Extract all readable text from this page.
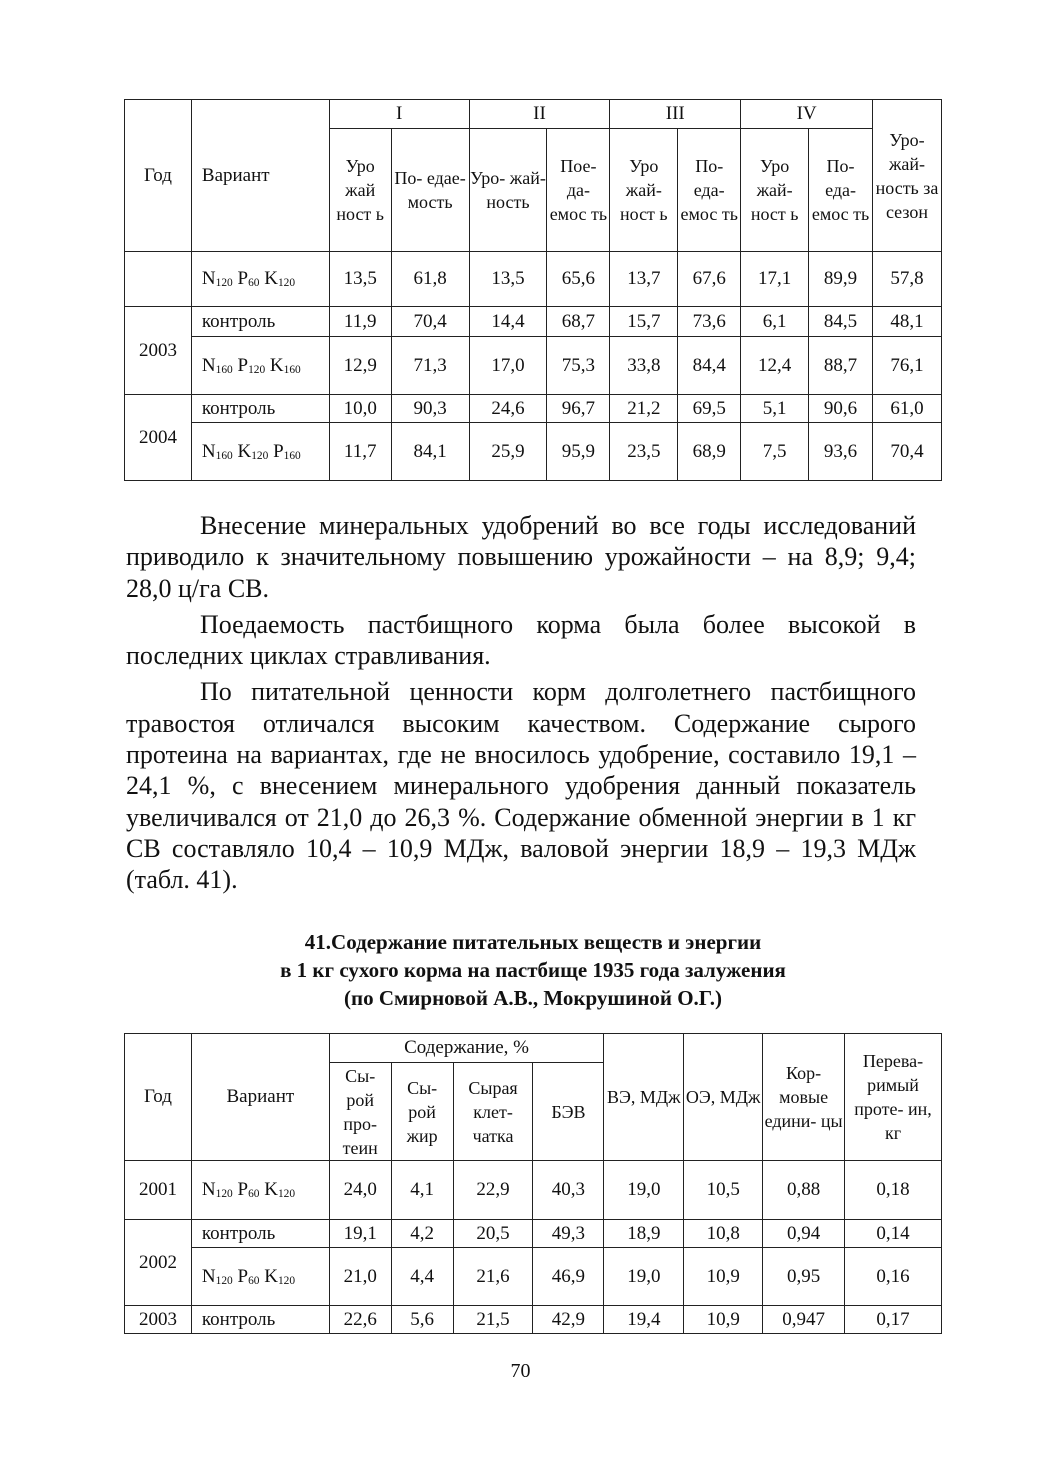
Год	Вариант	I		II		III		IV		Уро- жай- ность за сезон
		Уро жай ност ь	По- едае- мость	Уро- жай- ность	Пое- да- емос ть	Уро жай- ност ь	По- еда- емос ть	Уро жай- ност ь	По- еда- емос ть	
	$N_{120}$ $P_{60}$ $K_{120}$	13,5	61,8	13,5	65,6	13,7	67,6	17,1	89,9	57,8
2003	контроль	11,9	70,4	14,4	68,7	15,7	73,6	6,1	84,5	48,1
	$N_{160}$ $P_{120}$ $K_{160}$	12,9	71,3	17,0	75,3	33,8	84,4	12,4	88,7	76,1
2004	контроль	10,0	90,3	24,6	96,7	21,2	69,5	5,1	90,6	61,0
	$N_{160}$ $K_{120}$ $P_{160}$	11,7	84,1	25,9	95,9	23,5	68,9	7,5	93,6	70,4

Внесение минеральных удобрений во все годы исследований приводило к значительному повышению урожайности – на 8,9; 9,4; 28,0 ц/га СВ.

Поедаемость пастбищного корма была более высокой в последних циклах стравливания.

По питательной ценности корм долголетнего пастбищного травостоя отличался высоким качеством. Содержание сырого протеина на вариантах, где не вносилось удобрение, составило 19,1 – 24,1 %, с внесением минерального удобрения данный показатель увеличивался от 21,0 до 26,3 %. Содержание обменной энергии в 1 кг СВ составляло 10,4 – 10,9 МДж, валовой энергии 18,9 – 19,3 МДж (табл. 41).

41.Содержание питательных веществ и энергии
в 1 кг сухого корма на пастбище 1935 года залужения
(по Смирновой А.В., Мокрушиной О.Г.)
Год	Вариант	Содержание, %				ВЭ, МДж	ОЭ, МДж	Кор- мовые едини- цы	Перева- римый проте- ин, кг
		Сы- рой про- теин	Сы- рой жир	Сырая клет- чатка	БЭВ				
2001	$N_{120}$ $P_{60}$ $K_{120}$	24,0	4,1	22,9	40,3	19,0	10,5	0,88	0,18
2002	контроль	19,1	4,2	20,5	49,3	18,9	10,8	0,94	0,14
	$N_{120}$ $P_{60}$ $K_{120}$	21,0	4,4	21,6	46,9	19,0	10,9	0,95	0,16
2003	контроль	22,6	5,6	21,5	42,9	19,4	10,9	0,947	0,17
70
